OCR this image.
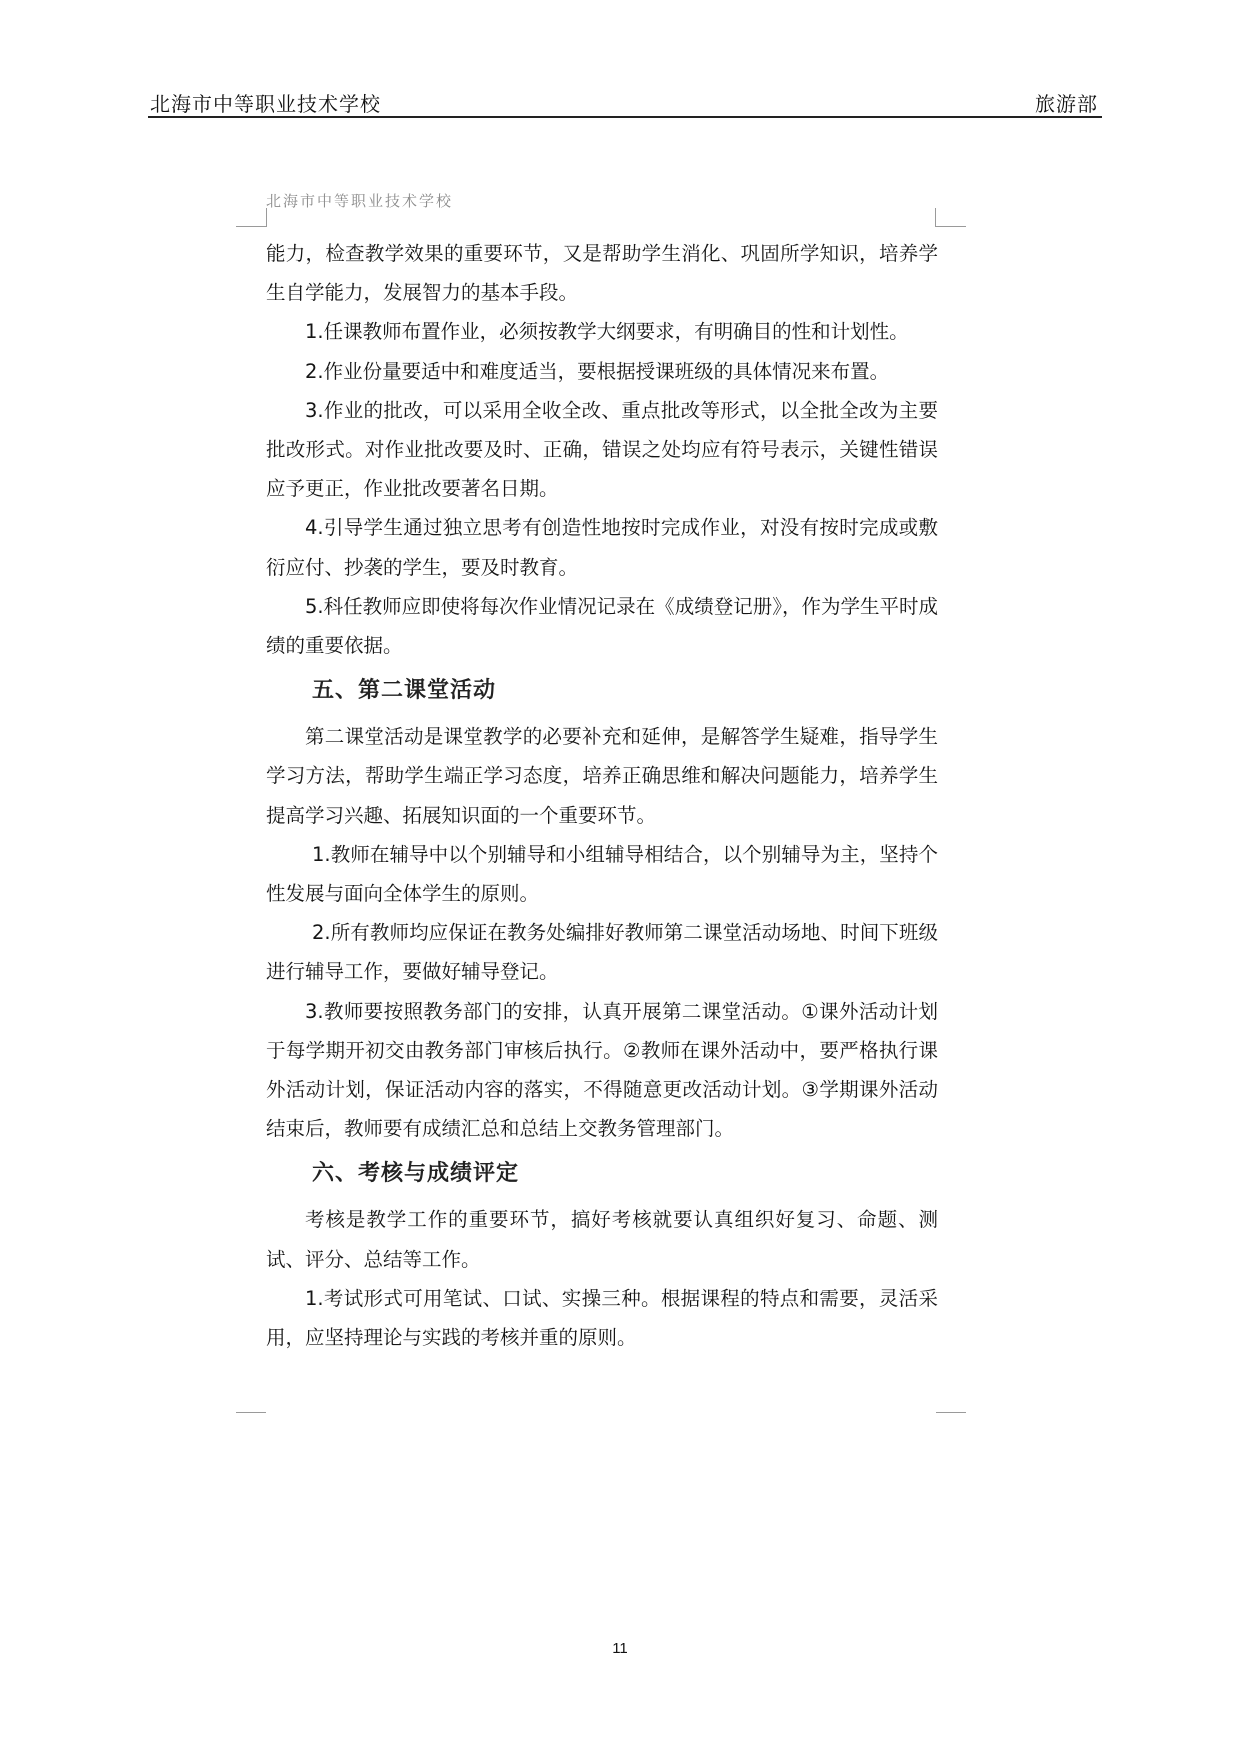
北海市中等职业技术学校	旅游部
北海市中等职业技术学校

能力，检查教学效果的重要环节，又是帮助学生消化、巩固所学知识，培养学生自学能力，发展智力的基本手段。

1.任课教师布置作业，必须按教学大纲要求，有明确目的性和计划性。

2.作业份量要适中和难度适当，要根据授课班级的具体情况来布置。

3.作业的批改，可以采用全收全改、重点批改等形式，以全批全改为主要批改形式。对作业批改要及时、正确，错误之处均应有符号表示，关键性错误应予更正，作业批改要著名日期。

4.引导学生通过独立思考有创造性地按时完成作业，对没有按时完成或敷衍应付、抄袭的学生，要及时教育。

5.科任教师应即使将每次作业情况记录在《成绩登记册》，作为学生平时成绩的重要依据。

五、第二课堂活动

第二课堂活动是课堂教学的必要补充和延伸，是解答学生疑难，指导学生学习方法，帮助学生端正学习态度，培养正确思维和解决问题能力，培养学生提高学习兴趣、拓展知识面的一个重要环节。

1.教师在辅导中以个别辅导和小组辅导相结合，以个别辅导为主，坚持个性发展与面向全体学生的原则。

2.所有教师均应保证在教务处编排好教师第二课堂活动场地、时间下班级进行辅导工作，要做好辅导登记。

3.教师要按照教务部门的安排，认真开展第二课堂活动。①课外活动计划于每学期开初交由教务部门审核后执行。②教师在课外活动中，要严格执行课外活动计划，保证活动内容的落实，不得随意更改活动计划。③学期课外活动结束后，教师要有成绩汇总和总结上交教务管理部门。

六、考核与成绩评定

考核是教学工作的重要环节，搞好考核就要认真组织好复习、命题、测试、评分、总结等工作。

1.考试形式可用笔试、口试、实操三种。根据课程的特点和需要，灵活采用，应坚持理论与实践的考核并重的原则。

11
